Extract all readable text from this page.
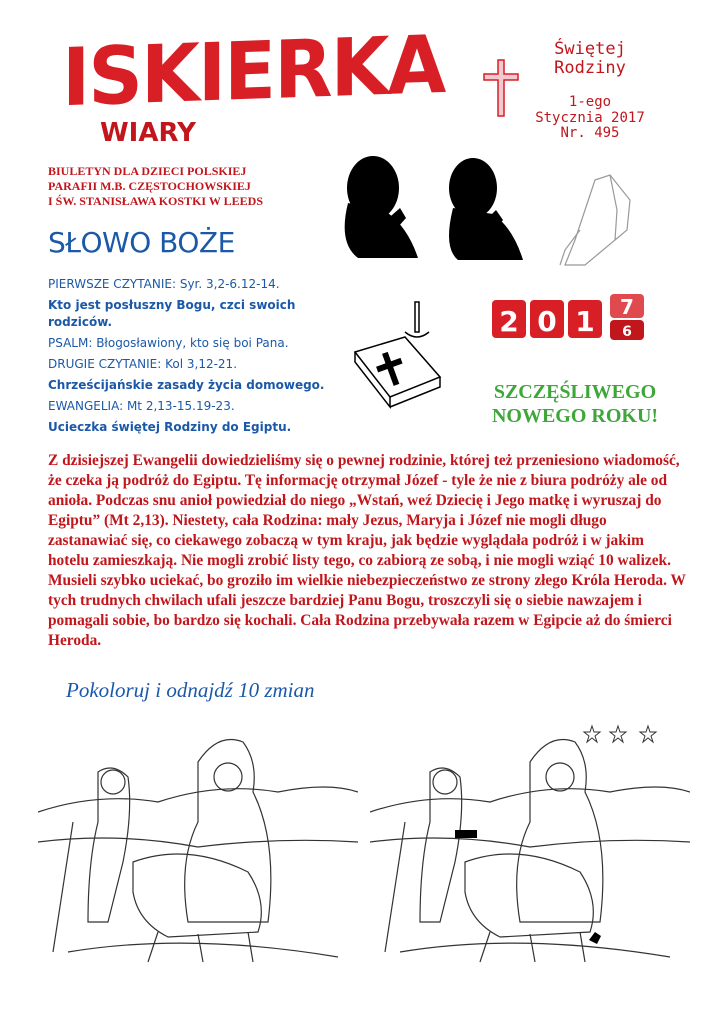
ISKIERKA
WIARY
Świętej
Rodziny
1-ego
Stycznia 2017
Nr. 495
BIULETYN DLA DZIECI POLSKIEJ
PARAFII M.B. CZĘSTOCHOWSKIEJ
I ŚW. STANISŁAWA KOSTKI W LEEDS
SŁOWO BOŻE
PIERWSZE CZYTANIE: Syr. 3,2-6.12-14.
Kto jest posłuszny Bogu, czci swoich rodziców.
PSALM: Błogosławiony, kto się boi Pana.
DRUGIE CZYTANIE: Kol 3,12-21.
Chrześcijańskie zasady życia domowego.
EWANGELIA: Mt 2,13-15.19-23.
Ucieczka świętej Rodziny do Egiptu.
2 0 1 7
6
SZCZĘŚLIWEGO
NOWEGO ROKU!
Z dzisiejszej Ewangelii dowiedzieliśmy się o pewnej rodzinie, której też przeniesiono wiadomość, że czeka ją podróż do Egiptu. Tę informację otrzymał Józef - tyle że nie z biura podróży ale od anioła. Podczas snu anioł powiedział do niego „Wstań, weź Dziecię i Jego matkę i wyruszaj do Egiptu” (Mt 2,13). Niestety, cała Rodzina: mały Jezus, Maryja i Józef nie mogli długo zastanawiać się, co ciekawego zobaczą w tym kraju, jak będzie wyglądała podróż i w jakim hotelu zamieszkają. Nie mogli zrobić listy tego, co zabiorą ze sobą, i nie mogli wziąć 10 walizek. Musieli szybko uciekać, bo groziło im wielkie niebezpieczeństwo ze strony złego Króla Heroda. W tych trudnych chwilach ufali jeszcze bardziej Panu Bogu, troszczyli się o siebie nawzajem i pomagali sobie, bo bardzo się kochali. Cała Rodzina przebywała razem w Egipcie aż do śmierci Heroda.
Pokoloruj i odnajdź 10 zmian
